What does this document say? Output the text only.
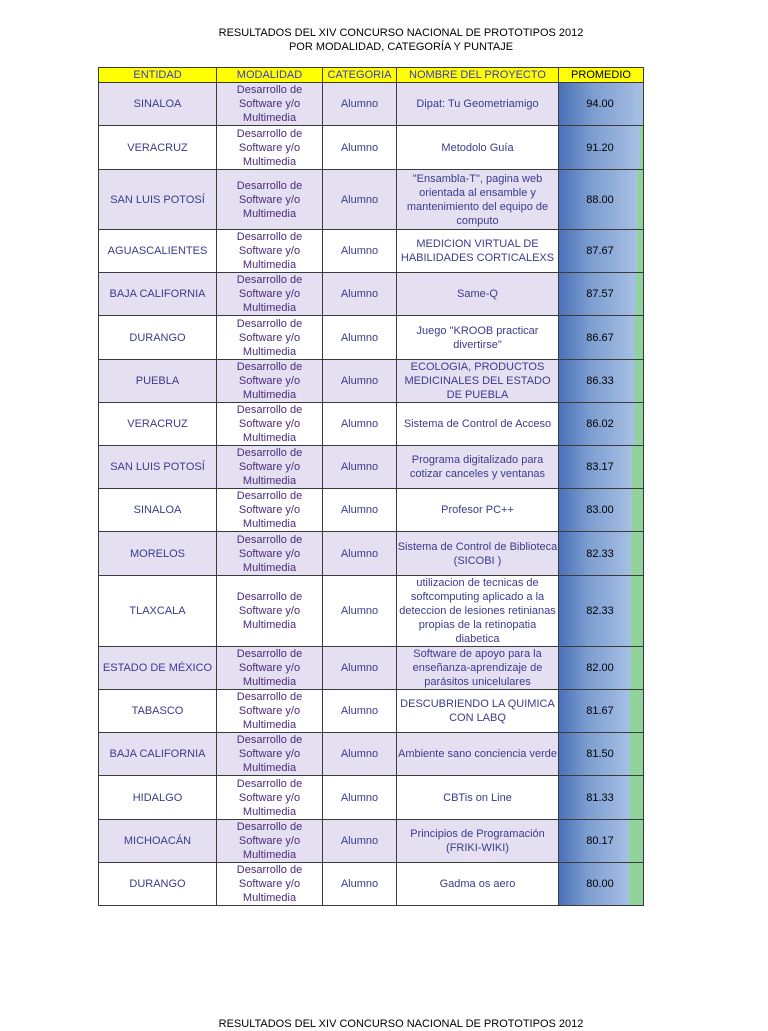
RESULTADOS DEL XIV CONCURSO NACIONAL DE PROTOTIPOS 2012
POR MODALIDAD, CATEGORÍA Y PUNTAJE
ENTIDAD	MODALIDAD	CATEGORIA	NOMBRE DEL PROYECTO	PROMEDIO
SINALOA	Desarrollo de Software y/o Multimedia	Alumno	Dipat: Tu Geometriamigo	94.00
VERACRUZ	Desarrollo de Software y/o Multimedia	Alumno	Metodolo Guía	91.20
SAN LUIS POTOSÍ	Desarrollo de Software y/o Multimedia	Alumno	"Ensambla-T", pagina web orientada al ensamble y mantenimiento del equipo de computo	88.00
AGUASCALIENTES	Desarrollo de Software y/o Multimedia	Alumno	MEDICION VIRTUAL DE HABILIDADES CORTICALEXS	87.67
BAJA CALIFORNIA	Desarrollo de Software y/o Multimedia	Alumno	Same-Q	87.57
DURANGO	Desarrollo de Software y/o Multimedia	Alumno	Juego "KROOB practicar divertirse"	86.67
PUEBLA	Desarrollo de Software y/o Multimedia	Alumno	ECOLOGIA, PRODUCTOS MEDICINALES DEL ESTADO DE PUEBLA	86.33
VERACRUZ	Desarrollo de Software y/o Multimedia	Alumno	Sistema de Control de Acceso	86.02
SAN LUIS POTOSÍ	Desarrollo de Software y/o Multimedia	Alumno	Programa digitalizado para cotizar canceles y ventanas	83.17
SINALOA	Desarrollo de Software y/o Multimedia	Alumno	Profesor PC++	83.00
MORELOS	Desarrollo de Software y/o Multimedia	Alumno	Sistema de Control de Biblioteca (SICOBI )	82.33
TLAXCALA	Desarrollo de Software y/o Multimedia	Alumno	utilizacion de tecnicas de softcomputing aplicado a la deteccion de lesiones retinianas propias de la retinopatia diabetica	82.33
ESTADO DE MÉXICO	Desarrollo de Software y/o Multimedia	Alumno	Software de apoyo para la enseñanza-aprendizaje de parásitos unicelulares	82.00
TABASCO	Desarrollo de Software y/o Multimedia	Alumno	DESCUBRIENDO LA QUIMICA CON LABQ	81.67
BAJA CALIFORNIA	Desarrollo de Software y/o Multimedia	Alumno	Ambiente sano conciencia verde	81.50
HIDALGO	Desarrollo de Software y/o Multimedia	Alumno	CBTis on Line	81.33
MICHOACÁN	Desarrollo de Software y/o Multimedia	Alumno	Principios de Programación (FRIKI-WIKI)	80.17
DURANGO	Desarrollo de Software y/o Multimedia	Alumno	Gadma os aero	80.00
RESULTADOS DEL XIV CONCURSO NACIONAL DE PROTOTIPOS 2012
